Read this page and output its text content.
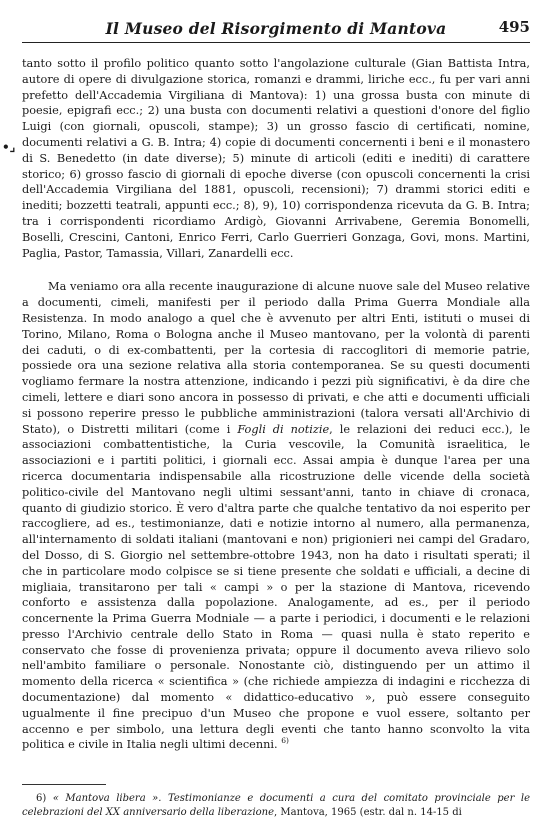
Il Museo del Risorgimento di Mantova	495
•⌟

tanto sotto il profilo politico quanto sotto l'angolazione culturale (Gian Battista Intra, autore di opere di divulgazione storica, romanzi e drammi, liriche ecc., fu per vari anni prefetto dell'Accademia Virgiliana di Mantova): 1) una grossa busta con minute di poesie, epigrafi ecc.; 2) una busta con documenti relativi a questioni d'onore del figlio Luigi (con giornali, opuscoli, stampe); 3) un grosso fascio di certificati, nomine, documenti relativi a G. B. Intra; 4) copie di documenti concernenti i beni e il monastero di S. Benedetto (in date diverse); 5) minute di articoli (editi e inediti) di carattere storico; 6) grosso fascio di giornali di epoche diverse (con opuscoli concernenti la crisi dell'Accademia Virgiliana del 1881, opuscoli, recensioni); 7) drammi storici editi e inediti; bozzetti teatrali, appunti ecc.; 8), 9), 10) corrispondenza ricevuta da G. B. Intra; tra i corrispondenti ricordiamo Ardigò, Giovanni Arrivabene, Geremia Bonomelli, Boselli, Crescini, Cantoni, Enrico Ferri, Carlo Guerrieri Gonzaga, Govi, mons. Martini, Paglia, Pastor, Tamassia, Villari, Zanardelli ecc.

Ma veniamo ora alla recente inaugurazione di alcune nuove sale del Museo relative a documenti, cimeli, manifesti per il periodo dalla Prima Guerra Mondiale alla Resistenza. In modo analogo a quel che è avvenuto per altri Enti, istituti o musei di Torino, Milano, Roma o Bologna anche il Museo mantovano, per la volontà di parenti dei caduti, o di ex-combattenti, per la cortesia di raccoglitori di memorie patrie, possiede ora una sezione relativa alla storia contemporanea. Se su questi documenti vogliamo fermare la nostra attenzione, indicando i pezzi più significativi, è da dire che cimeli, lettere e diari sono ancora in possesso di privati, e che atti e documenti ufficiali si possono reperire presso le pubbliche amministrazioni (talora versati all'Archivio di Stato), o Distretti militari (come i Fogli di notizie, le relazioni dei reduci ecc.), le associazioni combattentistiche, la Curia vescovile, la Comunità israelitica, le associazioni e i partiti politici, i giornali ecc. Assai ampia è dunque l'area per una ricerca documentaria indispensabile alla ricostruzione delle vicende della società politico-civile del Mantovano negli ultimi sessant'anni, tanto in chiave di cronaca, quanto di giudizio storico. È vero d'altra parte che qualche tentativo da noi esperito per raccogliere, ad es., testimonianze, dati e notizie intorno al numero, alla permanenza, all'internamento di soldati italiani (mantovani e non) prigionieri nei campi del Gradaro, del Dosso, di S. Giorgio nel settembre-ottobre 1943, non ha dato i risultati sperati; il che in particolare modo colpisce se si tiene presente che soldati e ufficiali, a decine di migliaia, transitarono per tali « campi » o per la stazione di Mantova, ricevendo conforto e assistenza dalla popolazione. Analogamente, ad es., per il periodo concernente la Prima Guerra Modniale — a parte i periodici, i documenti e le relazioni presso l'Archivio centrale dello Stato in Roma — quasi nulla è stato reperito e conservato che fosse di provenienza privata; oppure il documento aveva rilievo solo nell'ambito familiare o personale. Nonostante ciò, distinguendo per un attimo il momento della ricerca « scientifica » (che richiede ampiezza di indagini e ricchezza di documentazione) dal momento « didattico-educativo », può essere conseguito ugualmente il fine precipuo d'un Museo che propone e vuol essere, soltanto per accenno e per simbolo, una lettura degli eventi che tanto hanno sconvolto la vita politica e civile in Italia negli ultimi decenni. $^{6)}$

6) « Mantova libera ». Testimonianze e documenti a cura del comitato provinciale per le celebrazioni del XX anniversario della liberazione, Mantova, 1965 (estr. dal n. 14-15 di
